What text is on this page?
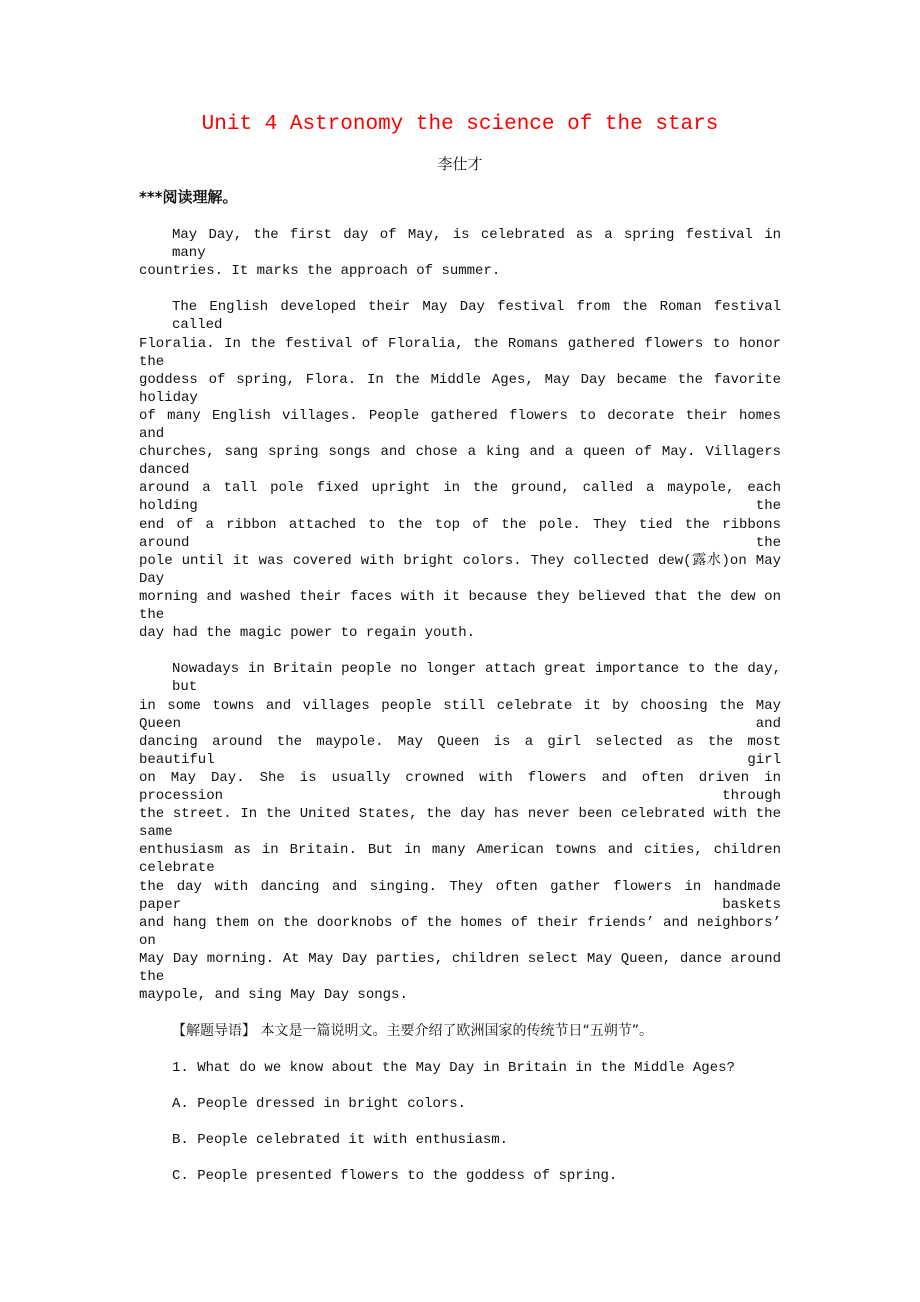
Unit 4 Astronomy the science of the stars
李仕才
***阅读理解。
May Day, the first day of May, is celebrated as a spring festival in many
countries. It marks the approach of summer.
The English developed their May Day festival from the Roman festival called
Floralia. In the festival of Floralia, the Romans gathered flowers to honor the
goddess of spring, Flora. In the Middle Ages, May Day became the favorite holiday
of many English villages. People gathered flowers to decorate their homes and
churches, sang spring songs and chose a king and a queen of May. Villagers danced
around a tall pole fixed upright in the ground, called a maypole, each holding the
end of a ribbon attached to the top of the pole. They tied the ribbons around the
pole until it was covered with bright colors. They collected dew(露水)on May Day
morning and washed their faces with it because they believed that the dew on the
day had the magic power to regain youth.
Nowadays in Britain people no longer attach great importance to the day, but
in some towns and villages people still celebrate it by choosing the May Queen and
dancing around the maypole. May Queen is a girl selected as the most beautiful girl
on May Day. She is usually crowned with flowers and often driven in procession through
the street. In the United States, the day has never been celebrated with the same
enthusiasm as in Britain. But in many American towns and cities, children celebrate
the day with dancing and singing. They often gather flowers in handmade paper baskets
and hang them on the doorknobs of the homes of their friends’ and neighbors’ on
May Day morning. At May Day parties, children select May Queen, dance around the
maypole, and sing May Day songs.
【解题导语】 本文是一篇说明文。主要介绍了欧洲国家的传统节日“五朔节”。
1. What do we know about the May Day in Britain in the Middle Ages?
A. People dressed in bright colors.
B. People celebrated it with enthusiasm.
C. People presented flowers to the goddess of spring.
